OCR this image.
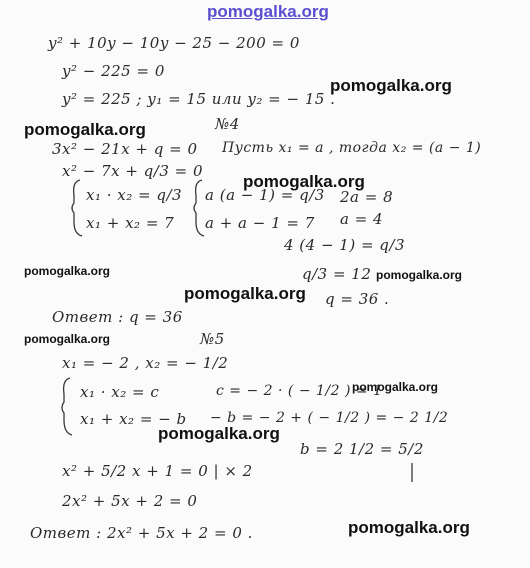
pomogalka.org
y² + 10y − 10y − 25 − 200 = 0
y² − 225 = 0
y² = 225 ; y₁ = 15 или y₂ = − 15 .
pomogalka.org
pomogalka.org	№4
3x² − 21x + q = 0 Пусть x₁ = a , тогда x₂ = (a − 1)
x² − 7x + q/3 = 0
pomogalka.org
x₁ · x₂ = q/3
x₁ + x₂ = 7
a (a − 1) = q/3
a + a − 1 = 7
2a = 8
a = 4
4 (4 − 1) = q/3
q/3 = 12
q = 36 .
pomogalka.org	pomogalka.org
pomogalka.org
Ответ : q = 36
pomogalka.org	№5
x₁ = − 2 , x₂ = − 1/2
x₁ · x₂ = c
x₁ + x₂ = − b
c = − 2 · ( − 1/2 ) = 1
pomogalka.org
− b = − 2 + ( − 1/2 ) = − 2 1/2
pomogalka.org
b = 2 1/2 = 5/2
x² + 5/2 x + 1 = 0 | × 2
2x² + 5x + 2 = 0
pomogalka.org
Ответ : 2x² + 5x + 2 = 0 .
